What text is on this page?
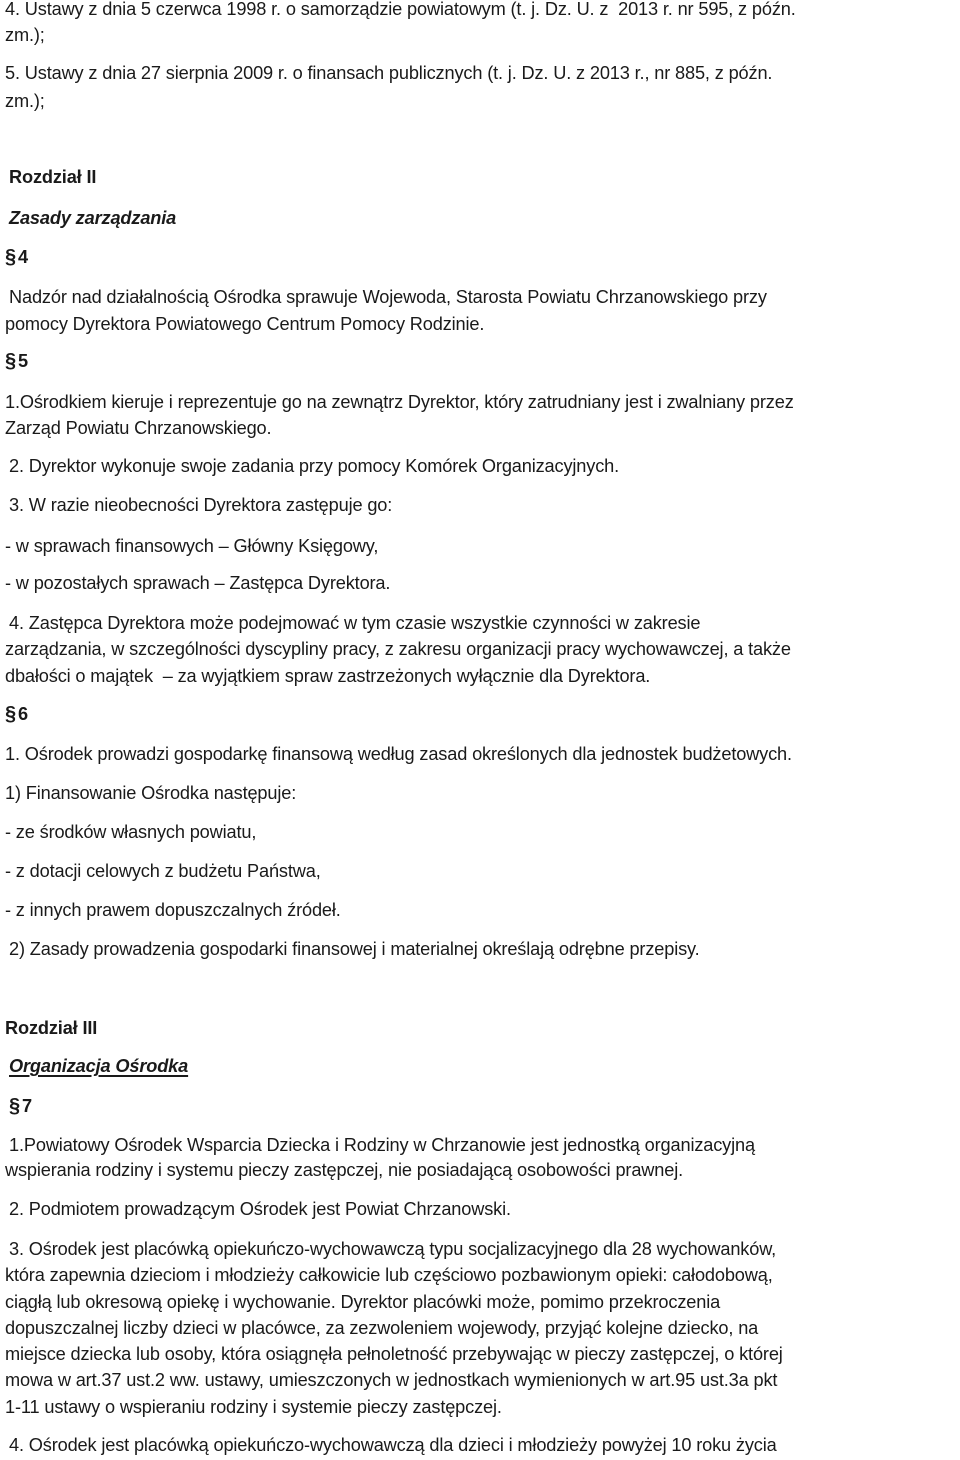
4. Ustawy z dnia 5 czerwca 1998 r. o samorządzie powiatowym (t. j. Dz. U. z  2013 r. nr 595, z późn.
zm.);
5. Ustawy z dnia 27 sierpnia 2009 r. o finansach publicznych (t. j. Dz. U. z 2013 r., nr 885, z późn.
zm.);
Rozdział II
Zasady zarządzania
§ 4
Nadzór nad działalnością Ośrodka sprawuje Wojewoda, Starosta Powiatu Chrzanowskiego przy
pomocy Dyrektora Powiatowego Centrum Pomocy Rodzinie.
§ 5
1.Ośrodkiem kieruje i reprezentuje go na zewnątrz Dyrektor, który zatrudniany jest i zwalniany przez
Zarząd Powiatu Chrzanowskiego.
2. Dyrektor wykonuje swoje zadania przy pomocy Komórek Organizacyjnych.
3. W razie nieobecności Dyrektora zastępuje go:
- w sprawach finansowych – Główny Księgowy,
- w pozostałych sprawach – Zastępca Dyrektora.
4. Zastępca Dyrektora może podejmować w tym czasie wszystkie czynności w zakresie
zarządzania, w szczególności dyscypliny pracy, z zakresu organizacji pracy wychowawczej, a także
dbałości o majątek  – za wyjątkiem spraw zastrzeżonych wyłącznie dla Dyrektora.
§ 6
1. Ośrodek prowadzi gospodarkę finansową według zasad określonych dla jednostek budżetowych.
1) Finansowanie Ośrodka następuje:
- ze środków własnych powiatu,
- z dotacji celowych z budżetu Państwa,
- z innych prawem dopuszczalnych źródeł.
2) Zasady prowadzenia gospodarki finansowej i materialnej określają odrębne przepisy.
Rozdział III
Organizacja Ośrodka
§ 7
1.Powiatowy Ośrodek Wsparcia Dziecka i Rodziny w Chrzanowie jest jednostką organizacyjną
wspierania rodziny i systemu pieczy zastępczej, nie posiadającą osobowości prawnej.
2. Podmiotem prowadzącym Ośrodek jest Powiat Chrzanowski.
3. Ośrodek jest placówką opiekuńczo-wychowawczą typu socjalizacyjnego dla 28 wychowanków,
która zapewnia dzieciom i młodzieży całkowicie lub częściowo pozbawionym opieki: całodobową,
ciągłą lub okresową opiekę i wychowanie. Dyrektor placówki może, pomimo przekroczenia
dopuszczalnej liczby dzieci w placówce, za zezwoleniem wojewody, przyjąć kolejne dziecko, na
miejsce dziecka lub osoby, która osiągnęła pełnoletność przebywając w pieczy zastępczej, o której
mowa w art.37 ust.2 ww. ustawy, umieszczonych w jednostkach wymienionych w art.95 ust.3a pkt
1-11 ustawy o wspieraniu rodziny i systemie pieczy zastępczej.
4. Ośrodek jest placówką opiekuńczo-wychowawczą dla dzieci i młodzieży powyżej 10 roku życia
